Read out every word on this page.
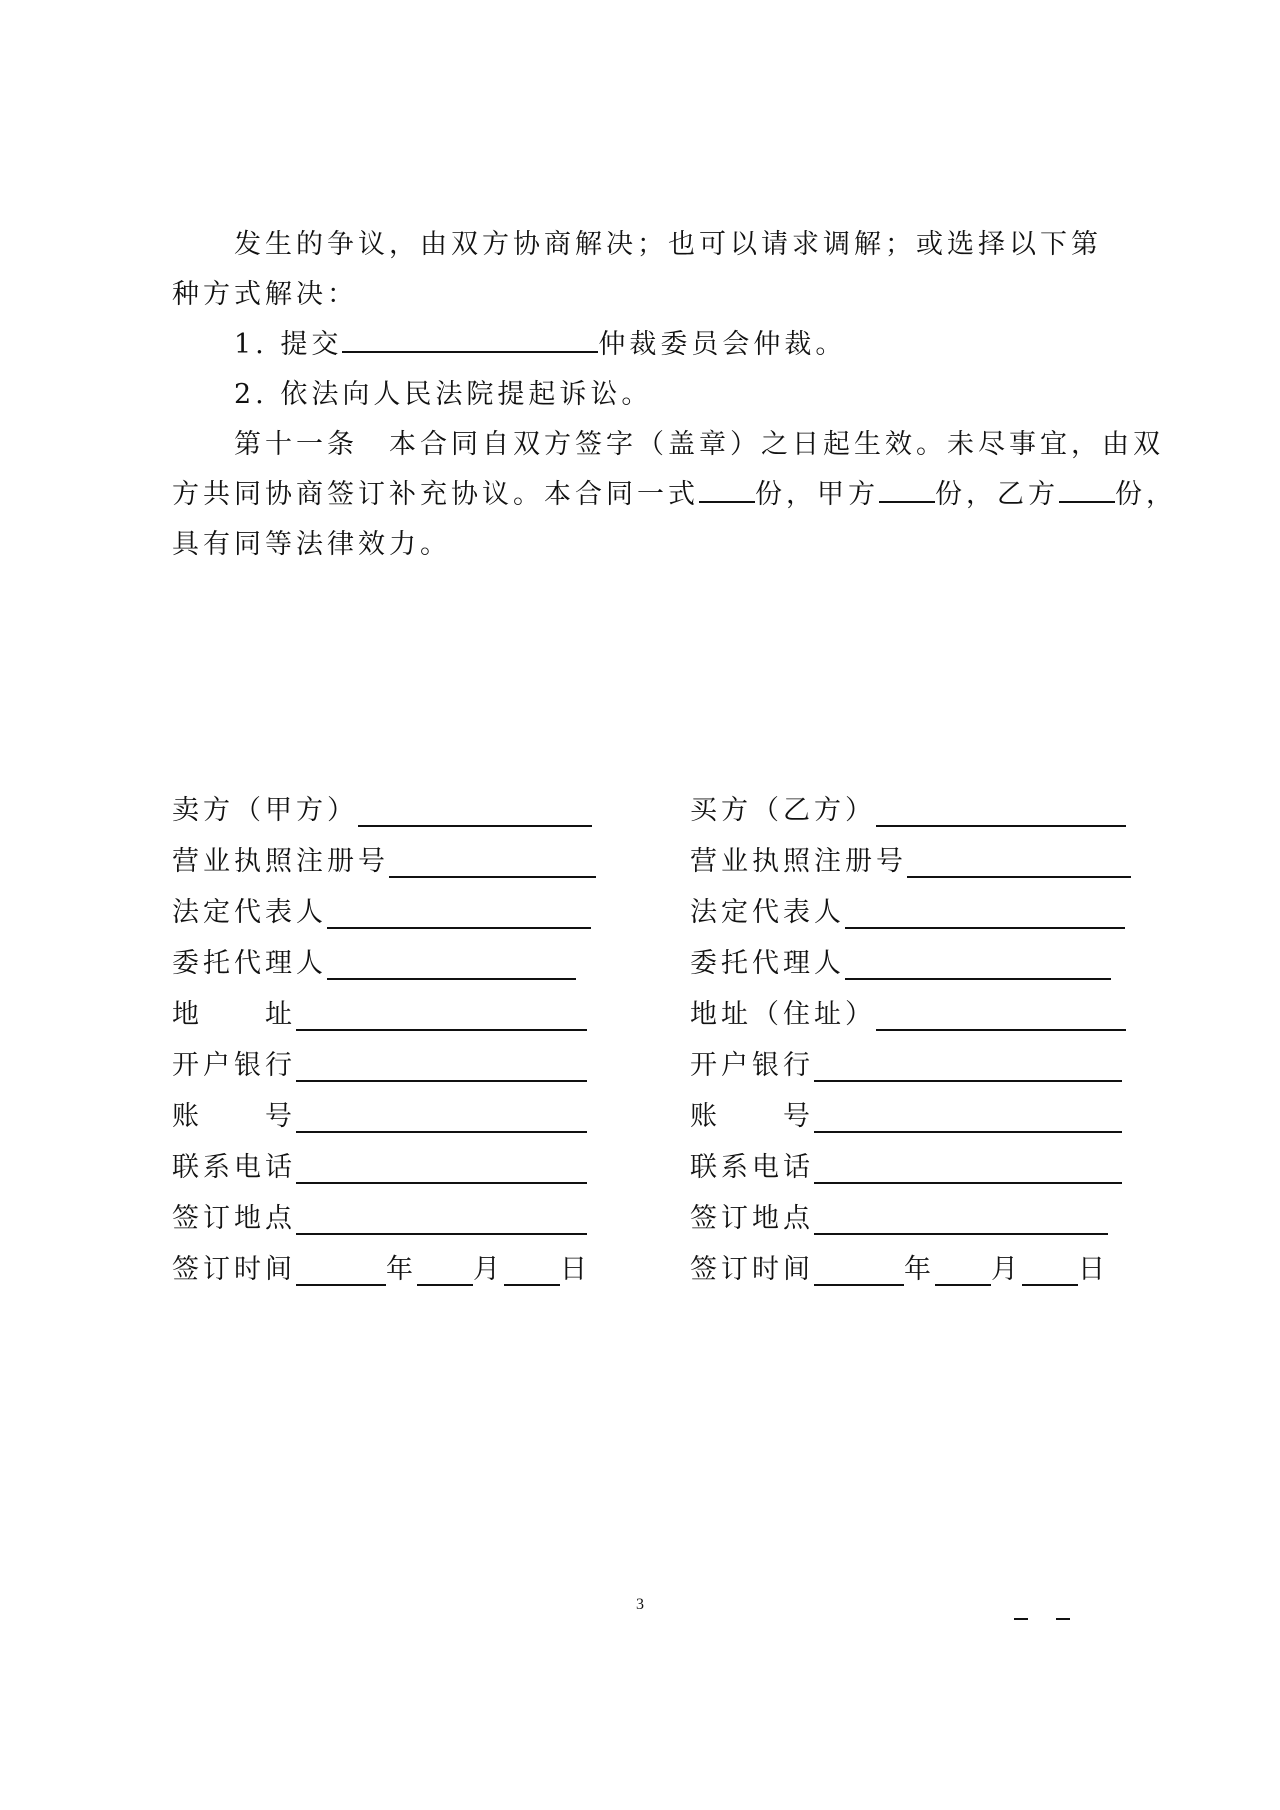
发生的争议，由双方协商解决；也可以请求调解；或选择以下第
种方式解决：
1. 提交	仲裁委员会仲裁。
2. 依法向人民法院提起诉讼。
第十一条　本合同自双方签字（盖章）之日起生效。未尽事宜，由双
方共同协商签订补充协议。本合同一式 份，甲方 份，乙方 份，
具有同等法律效力。
卖方（甲方）
营业执照注册号
法定代表人
委托代理人
地　　址
开户银行
账　　号
联系电话
签订地点
签订时间	年 月 日
买方（乙方）
营业执照注册号
法定代表人
委托代理人
地址（住址）
开户银行
账　　号
联系电话
签订地点
签订时间	年 月 日
3
